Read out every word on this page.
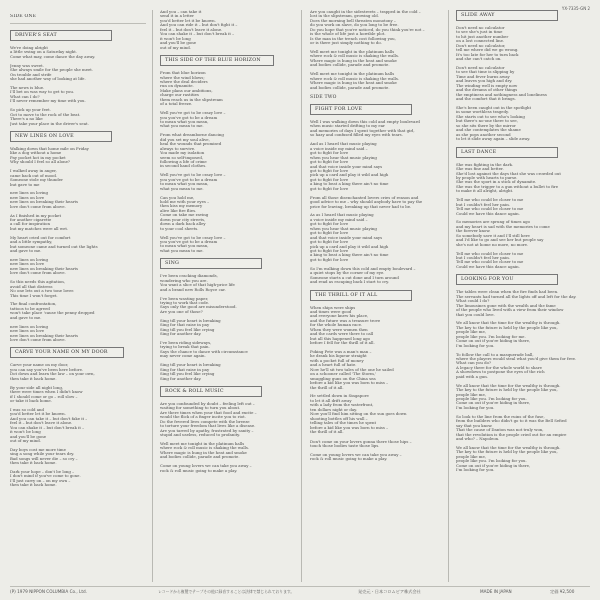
YX-7335-GN 2
SIDE ONE
DRIVER'S SEAT
We're doing alright
a little swing on a Saturday night.
Come what may, come dance the day away.
Jenny was sweet.
She always smile for the people she meet.
On trouble and strife
she had another way of looking at life.
The news is blue.
I'll bet on was way to get to you.
What can I do?
I'll never remember my time with you.
So pick up your feet.
Got to move to the rock of the beat.
There's a no like
Just take your place in the driver's seat.
NEW LINES ON LOVE
Walking down that home mile on Friday
like a dog without a home
Pay pocket hot in my pocket
Why should I feel so all alone?
I walked away in anger,
came back out of mood.
Someone stole my thunder
but gave to me
new lines on loving
new lines on love
new lines on breaking their hearts
love don't come from above.
As I finished in my pocket
for another cigarette
a call for inspiration
but my matches were all wet.
My heart cried out for comfort
and a little sympathy,
but someone came and turned out the lights
and gave to me.
new lines on loving
new lines on love
new lines on breaking their hearts
love don't come from above.
So this needs this agitation,
avoid all that distress
No one lets out a two tone lover.
This time I won't forget.
The final confrontation,
tattoos to be agreed
won't take place 'cause the penny dropped
and gave to me.
new lines on loving
new lines on love
new lines on breaking their hearts
love don't come from above.
CARVE YOUR NAME ON MY DOOR
Carve your name on my door,
you can say you've been here before.
Dot down and learn the law – on your own,
then take it back home.
By your side all night long,
there were times when I didn't know
if I should come or go – roll slow –
or take it back home.
I was so cold and
you'd better let it be known.
And you can take it – but don't fake it –
feel it – but don't leave it alone.
You can shake it – but don't break it –
it won't be long
and you'll be gone
out of my mind.
Day boys cost me more time
sing a song while your tears dry.
Bad songs will never die – so cry –
then take it back home.
Dark your hope – don't be long –
I don't mind if you've come to gone.
I'll just carry on – on my own –
then take it back home.
And you – can take it
send it in a letter
you'd better let it be known.
And you can ride it – but don't fight it –
feel it – but don't leave it alone.
You can shake it – but don't break it –
it won't be long
and you'll be gone
out of my mind.
THIS SIDE OF THE BLUE HORIZON
From that blue horizon
where the wind blows;
where the deal deciders
run on dynamite.
Make plans our ambitions,
charge our rastities
them reach us in the slipstream
of a total freeze.
Well you've got to be crazy love –
you you've got to be a dream
to mean what you mean,
what you mean to me.
From what dreamborne dancing
did you set my soul alive,
heal the wounds that promised
always to survive.
You made my isolation
seem so self-imposed,
following a life of crime
in second hand clothes.
Well you've got to be crazy love –
you you've got to be a dream
to mean what you mean,
what you mean to me.
Can you hold me,
hold me with your eyes –
then kiss my memory
alive like fire flies.
Come on take me raving
down your city streets,
down a dark back alley
to your cool sheets.
Well you've got to be crazy love –
you you've got to be a dream
to mean what you mean,
what you mean to me.
SING
I've been cracking diamonds,
wondering who you are.
You want a slice of that high-price life
and a brand new Rolls Royce car.
I've been wasting paper,
trying to work that code.
Says only the good are misunderstood.
Are you one of those?
Sing till your heart is breaking
Sing for that raise in pay
Sing till you feel like crying
Sing for another day.
I've been riding sideways,
trying to break that pain.
Says the chance to dance with circumstance
may never come again.
Sing till your heart is breaking
Sing for that raise in pay
Sing till you feel like crying
Sing for another day.
ROCK & ROLL MUSIC
Are you confounded by doubt – feeling left out –
waiting for something to turn you about.
Are there times when your that food and excite –
would the flick of a finger incite you to riot.
Do the fevered lives compete with the breeze
to torture your freedom that lives like a disease.
Are you tarred by apathy, frustrated by sanity –
stupid and useless, reduced to profanity.
Well meet me tonight in the platinum halls
where rock & roll music is shaking the walls.
Where magic is hung in the heat and smoke
and bodies collide, parade and promote.
Come on young lovers we can take you away –
rock & roll music going to make a play.
Are you caught in the sidestreets – trapped in the cold –
lost in the slipstream, growing old.
Does the morning bell threaten monotony –
do you work on slave, do you long to be free.
Do you hope that you're noticed, do you think you're not –
is the whole of life just a horrible plot.
Is the man in the trench cost following you,
or is there just simply nothing to do.
Well meet me tonight in the platinum halls
where rock & roll music is shaking the walls.
Where magic is hung in the heat and smoke
and bodies collide, parade and promote.
Well meet me tonight in the platinum halls
where rock & roll music is shaking the walls.
Where magic is hung in the heat and smoke
and bodies collide, parade and promote.
SIDE TWO
FIGHT FOR LOVE
Well I was walking down this cold and empty boulevard
when music started drifting to my ear
and memories of days I spent together with that girl,
so hazy and confused filled my eyes with tears.
And as I heard that music playing
a voice inside my mind said –
got to fight for love
when you hear that music playing
got to fight for love
and that voice inside your mind says
got to fight for love
pick up a card and play it wild and high
got to fight for love
a king to beat a king there ain't no time
got to fight for love
From all those disenchanted lovers cries of reason and
good advice to me – why should anybody have to pay the
price for leaving, breaking up that never had to be.
As as I heard that music playing
a voice inside my mind said –
got to fight for love
when you hear that music playing
got to fight for love
and that voice inside your mind says
got to fight for love
pick up a card and play it wild and high
got to fight for love
a king to beat a king there ain't no time
got to fight for love
So I'm walking down this cold and empty boulevard –
a quiet stops by the corner of my eye.
Someone starts a cut done and I turn around
and read as escaping back I start to cry.
THE THRILL OF IT ALL
When ships were ships
and times were good
and everyone knew his place,
and the future was a treasure trove
for the whole human race.
When they were women then
and the cards were there to call
but all this happened long ago
before I fell for the thrill of it all.
Poking Pete was a man's man –
he drank his liqueur straight
with a pocket full of money
and a heart full of hate.
Now he'll sit two tales of the one he sailed
on a schooner called 'The Storm,'
smuggling guns on the China sea
before a kid like you was born to miss –
the thrill of it all.
He settled down in Singapore
to let it all drift away
with a lady from the waterfront,
ten dollars night or day.
Now you'll find him sitting on the sun goes down
shooting bottles off his wall –
telling tales of the times he spent
before a kid like you was born to miss –
the thrill of it all.
Don't come on your lovers gonna there those hips –
touch those bodies taste those lips.
Come on young lovers we can take you away –
rock & roll music going to make a play.
SLIDE AWAY
Don't need no calculator
to see she's just in time
to hit just another number
on a lost connected line.
Don't need no calculator,
tell me where did we go wrong.
It's too late for her to turn back
and she can't catch on.
Don't need no calculator
to see that time is slipping by
Time and fever burns away
and leaves you high and dry.
The winding well is empty now
and the dreams of other things
the emptiness and nothingness and loneliness
and the comfort that it brings.
She's been caught out in the spotlight
in some worthless tragedy.
She starts out to see who's looking
but there's no-one there to see,
so she sits there by the mirror
and she contemplates the shame
as she pops another second
to let it slide away again – slide away.
LAST DANCE
She was fighting in the dark.
She was fine and better.
She'd lost against the days that she was crowded out
by people with hearts to purse.
She was the sport in a stick of dynamite.
She was the trigger to a gun without a bullet to fire
to make it all alright, alright.
Tell me who could be closer to me
but I couldn't feel her pain.
Tell me who could be closer to me
Could we have this dance again.
So memories are sprung of times ago
and my heart is sad with the memories to come
the forever know.
So somebody save it and I'll still here
and I'd like to go and see her but people say
she's not at home no more, no more.
Tell me who could be closer to me
but I couldn't feel her pain.
Tell me who could be closer to me
Could we have this dance again.
LOOKING FOR YOU
The tables were clean when the fire finds had been.
The servants had turned all the lights off and left for the day.
What could I do?
The limousines gone with the wealth and the fame
of the people who lived with a view from their window
that you could love.
We all know that the time for the wealthy is through.
The key to the future is held by the people like you,
people like me,
people like you. I'm looking for me.
Come on out if you're hiding in there,
I'm looking for you.
To follow the call to a masquerade ball,
where the players would steal what you'd give them for free.
What can you do?
A legacy there for the whole world to share
A showdown to postpone the eyes of the rich
paid with a gun.
We all know that the time for the wealthy is through.
The key to the future is held by the people like you,
people like me,
people like you. I'm looking for you.
Come on out if you're hiding in there,
I'm looking for you.
So look to the line from the ruins of the fuse,
from the builders who didn't go to it was the Bell Sefied
say that you know.
That the cause of Danton was not truly won,
that the revolution is the people cried out for an empire
and who? – Napoleon.
We all know that the time for the wealthy is through.
The key to the future is held by the people like you,
people like me,
people like you. I'm looking for you.
Come on out if you're hiding in there,
I'm looking for you.
(P) 1979 NIPPON COLUMBIA Co., Ltd.	レコードから複製でテープその他に録音することは法律で禁じられております。	発売元・日本コロムビア株式会社	MADE IN JAPAN	定価 ¥2,500
